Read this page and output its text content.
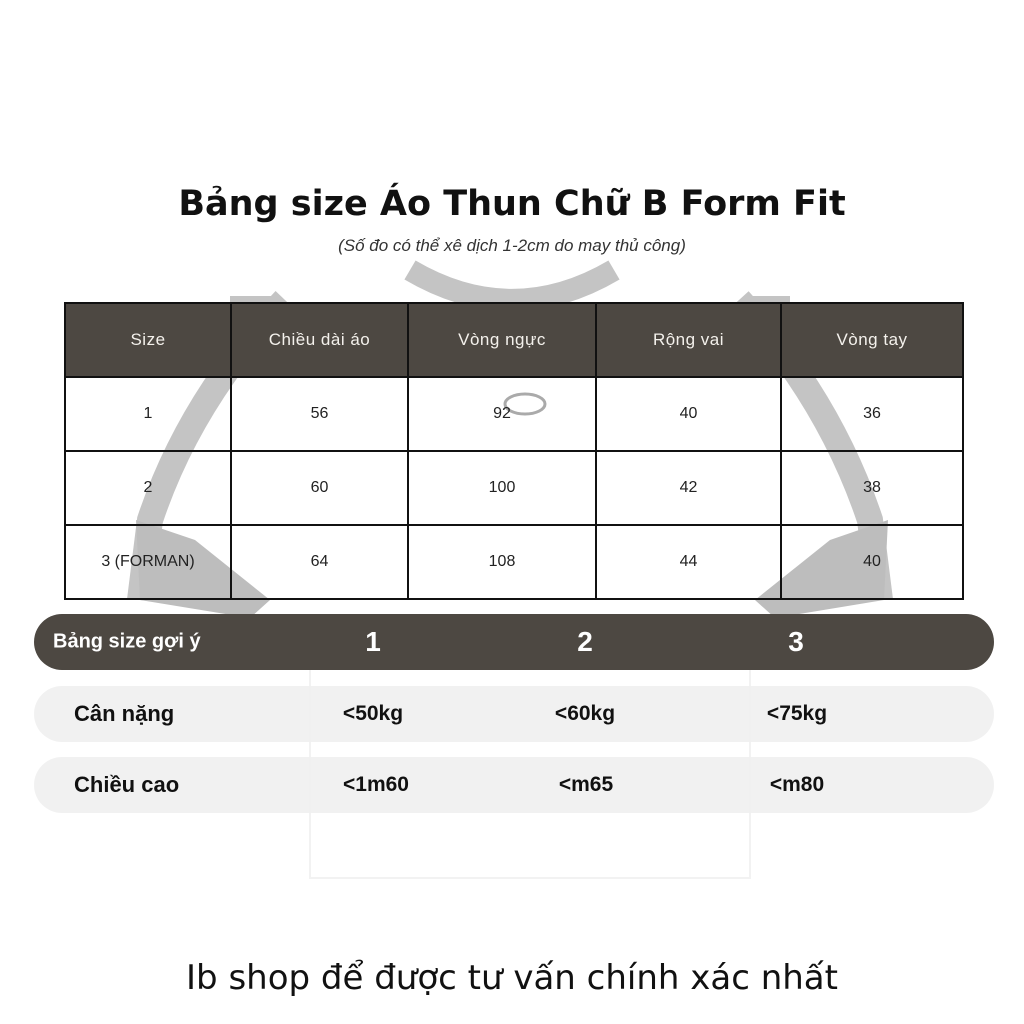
Bảng size Áo Thun Chữ B Form Fit
(Số đo có thể xê dịch 1-2cm do may thủ công)
Size	Chiều dài áo	Vòng ngực	Rộng vai	Vòng tay
1	56	92	40	36
2	60	100	42	38
3 (FORMAN)	64	108	44	40
Bảng size gợi ý	1	2	3
Cân nặng	<50kg	<60kg	<75kg
Chiều cao	<1m60	<m65	<m80
Ib shop để được tư vấn chính xác nhất
